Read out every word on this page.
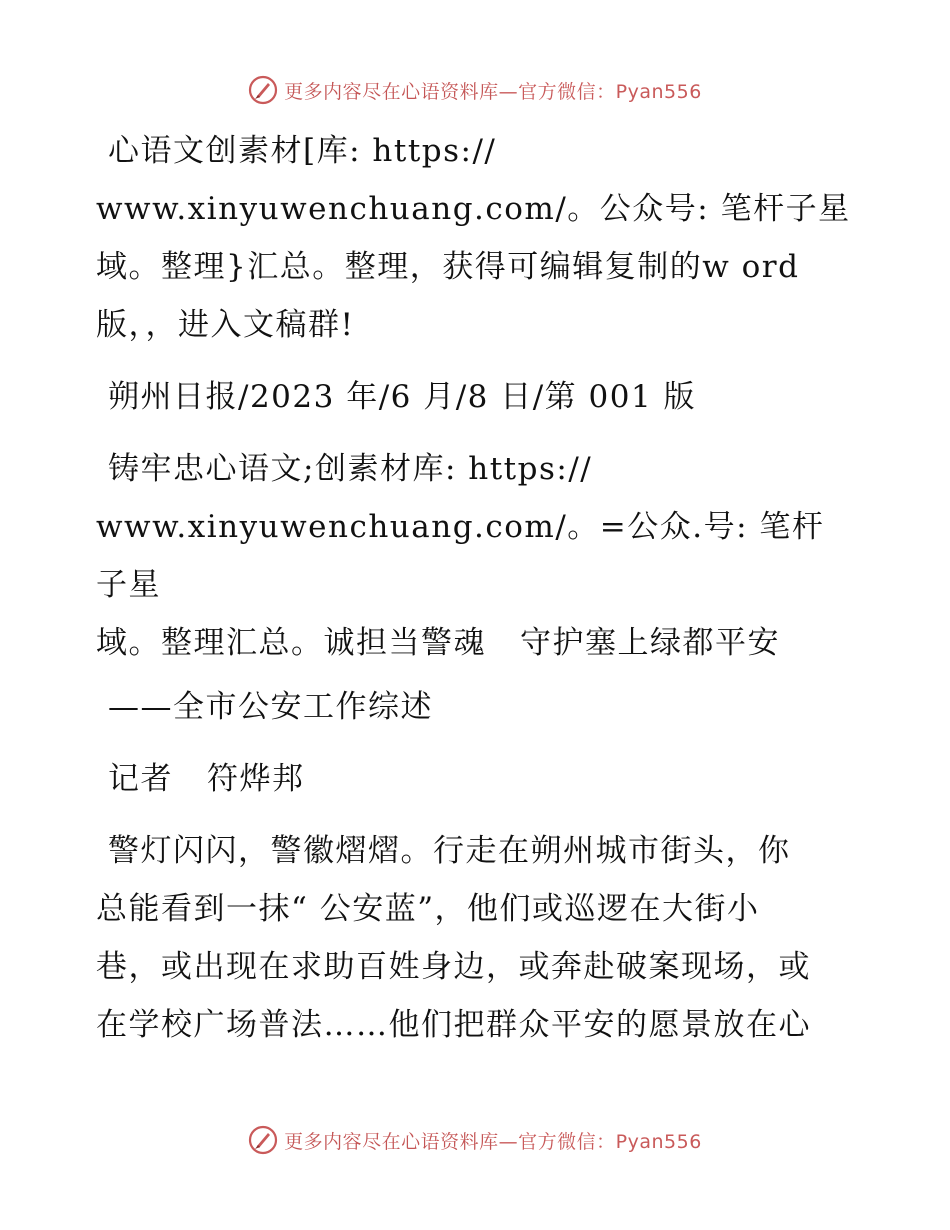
更多内容尽在心语资料库—官方微信：Pyan556

心语文创素材[库: https://
www.xinyuwenchuang.com/。公众号: 笔杆子星
域。整理}汇总。整理，获得可编辑复制的w ord
版，，进入文稿群!

朔州日报/2023 年/6 月/8 日/第 001 版

铸牢忠心语文;创素材库: https://
www.xinyuwenchuang.com/。=公众.号: 笔杆子星
域。整理汇总。诚担当警魂   守护塞上绿都平安

——全市公安工作综述

记者   符烨邦

警灯闪闪，警徽熠熠。行走在朔州城市街头，你
总能看到一抹“ 公安蓝”，他们或巡逻在大街小
巷，或出现在求助百姓身边，或奔赴破案现场，或
在学校广场普法……他们把群众平安的愿景放在心

更多内容尽在心语资料库—官方微信：Pyan556
